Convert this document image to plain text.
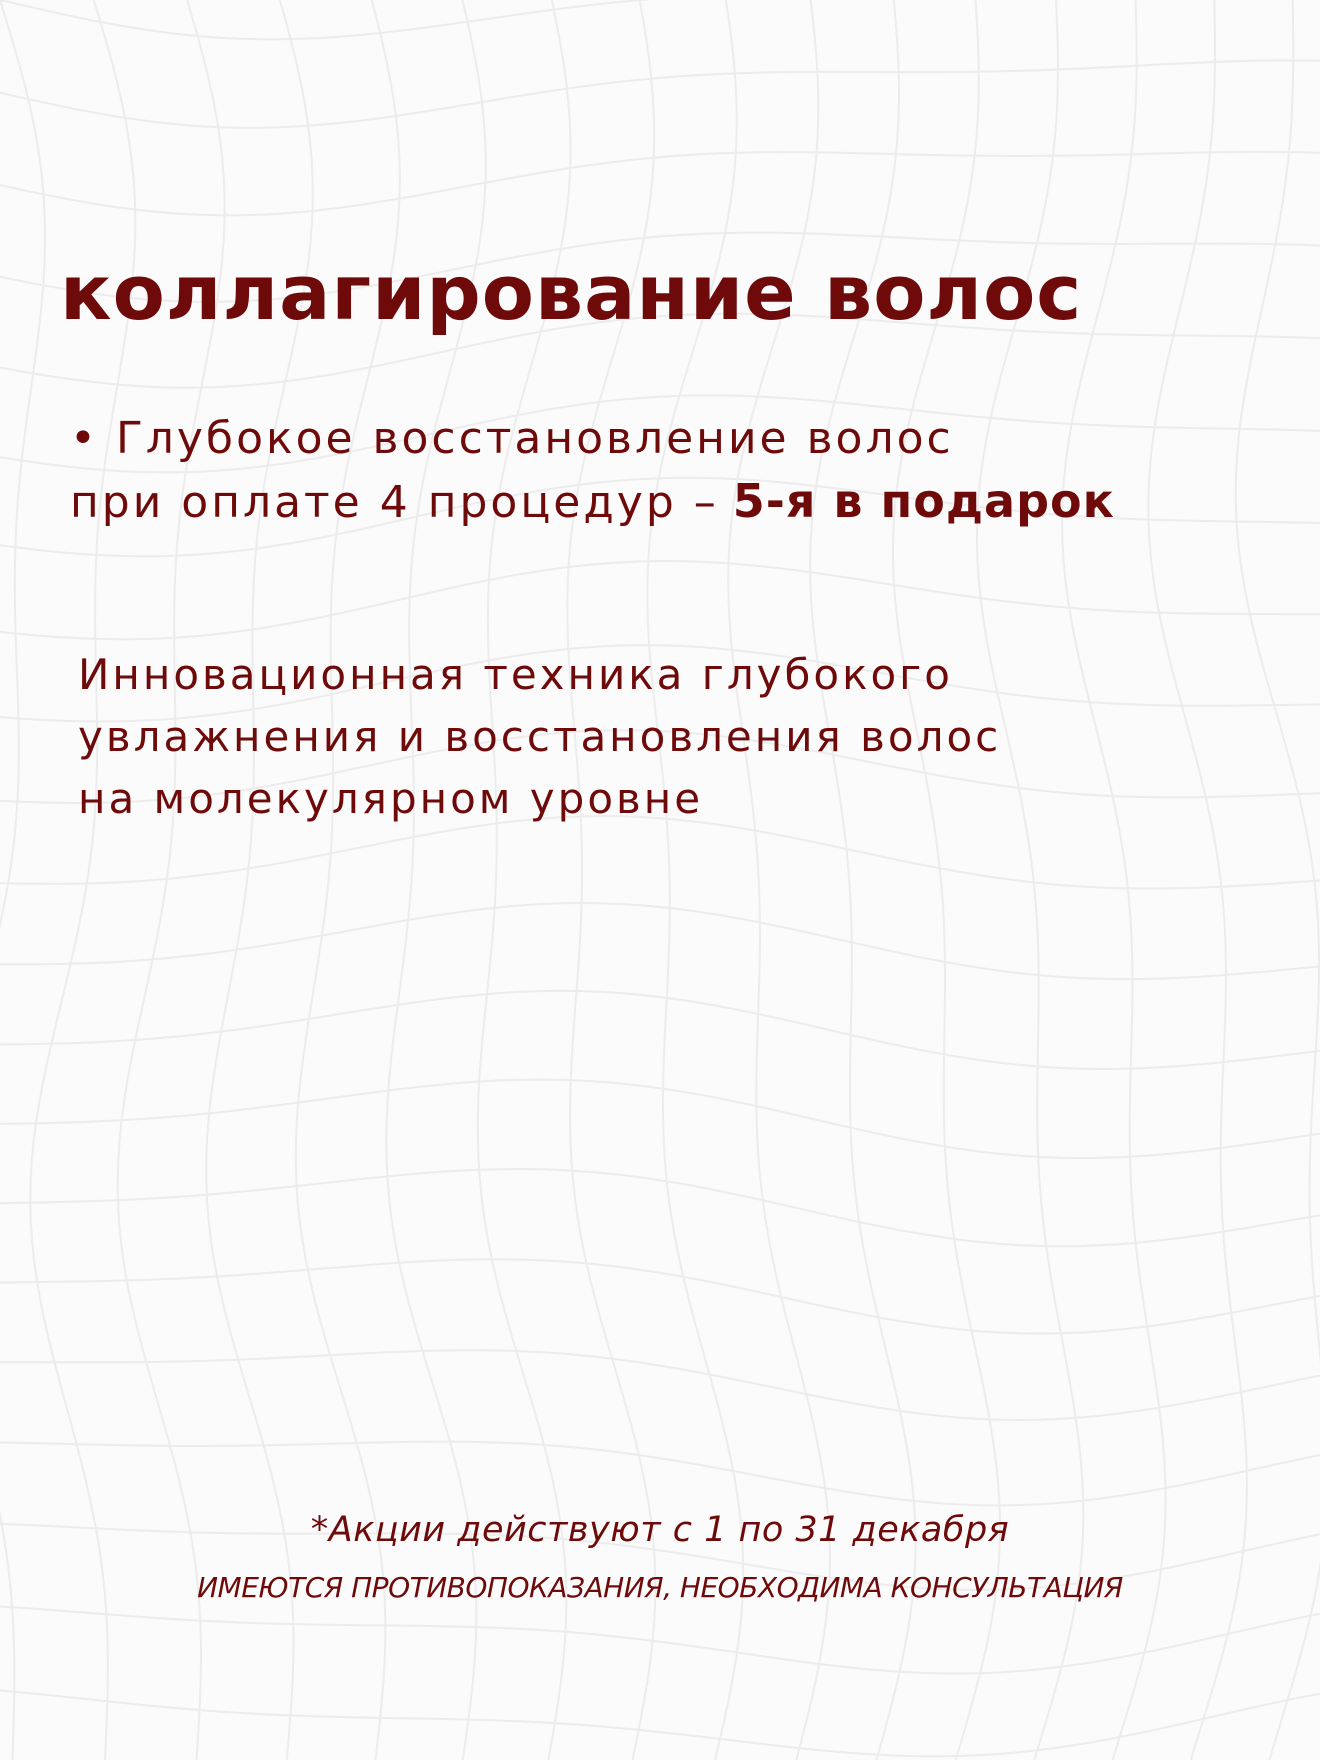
коллагирование волос
• Глубокое восстановление волос
при оплате 4 процедур – 5-я в подарок
Инновационная техника глубокого
увлажнения и восстановления волос
на молекулярном уровне
*Акции действуют с 1 по 31 декабря
ИМЕЮТСЯ ПРОТИВОПОКАЗАНИЯ, НЕОБХОДИМА КОНСУЛЬТАЦИЯ
